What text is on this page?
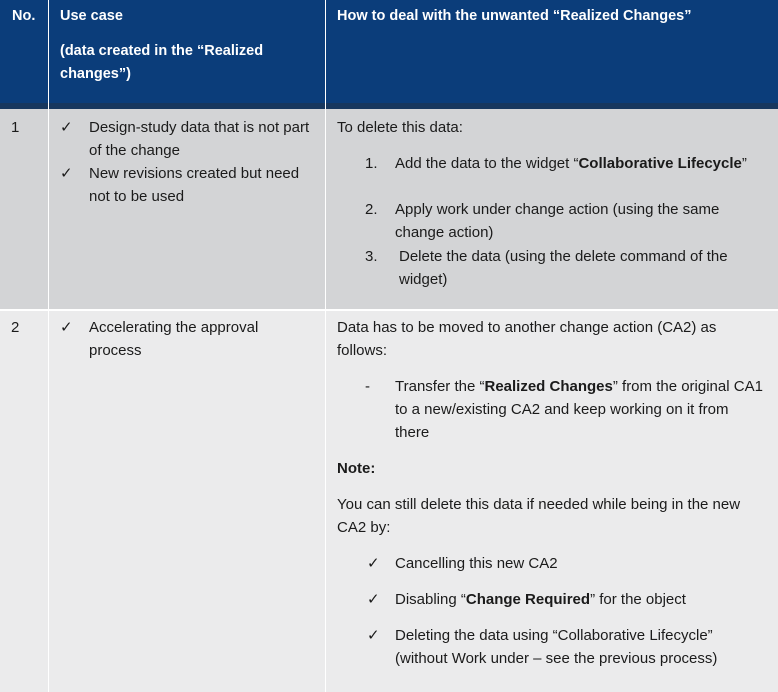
No. Use case
(data created in the “Realized changes”)
How to deal with the unwanted “Realized Changes”
1	✓ Design-study data that is not part of the change
✓ New revisions created but need not to be used
To delete this data:
1. Add the data to the widget “Collaborative Lifecycle”
2. Apply work under change action (using the same change action)
3. Delete the data (using the delete command of the widget)
2	✓ Accelerating the approval process
Data has to be moved to another change action (CA2) as follows:
- Transfer the “Realized Changes” from the original CA1 to a new/existing CA2 and keep working on it from there
Note:
You can still delete this data if needed while being in the new CA2 by:
✓ Cancelling this new CA2
✓ Disabling “Change Required” for the object
✓ Deleting the data using “Collaborative Lifecycle” (without Work under – see the previous process)
